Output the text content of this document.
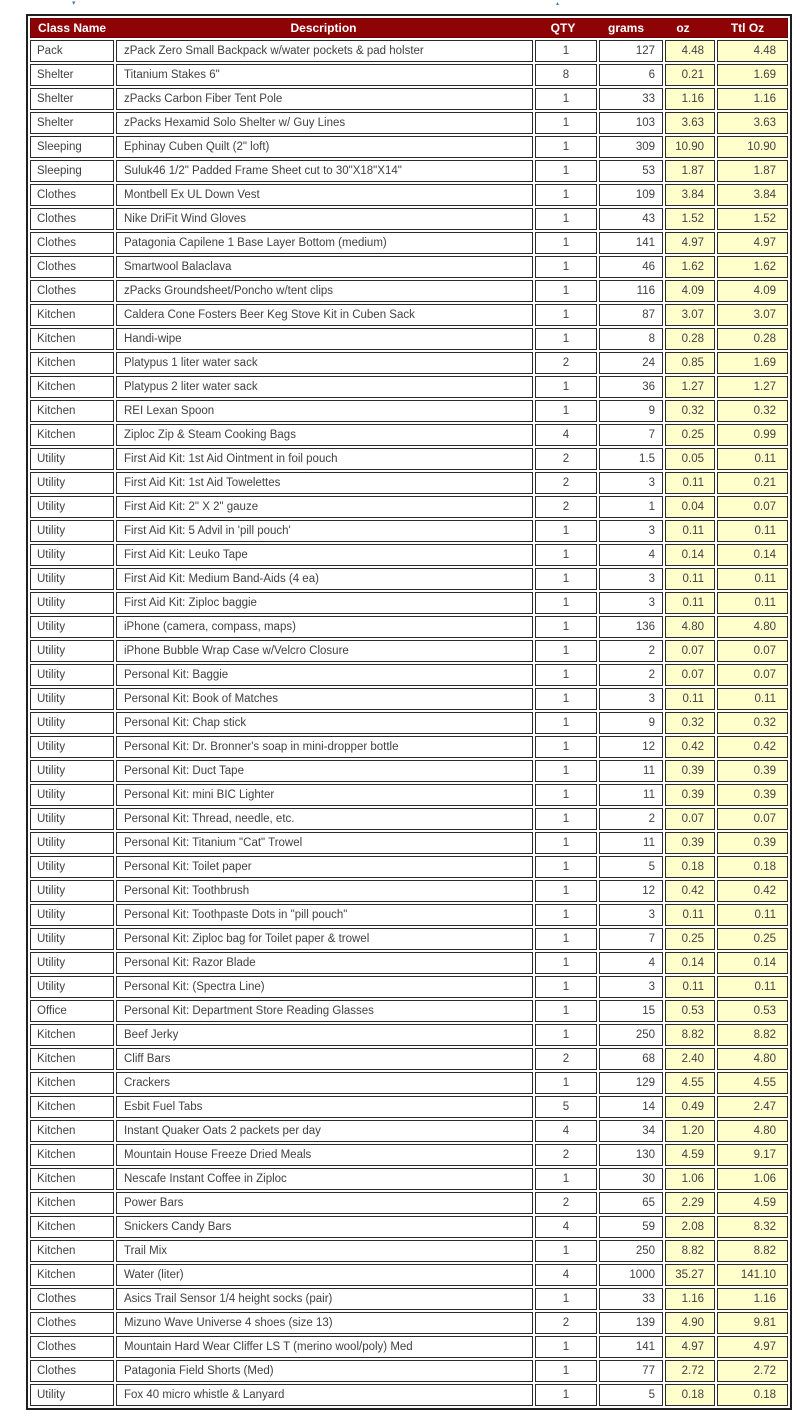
▾	▴
Class Name	Description	QTY	grams	oz	Ttl Oz
Pack	zPack Zero Small Backpack w/water pockets & pad holster	1	127	4.48	4.48
Shelter	Titanium Stakes 6"	8	6	0.21	1.69
Shelter	zPacks Carbon Fiber Tent Pole	1	33	1.16	1.16
Shelter	zPacks Hexamid Solo Shelter w/ Guy Lines	1	103	3.63	3.63
Sleeping	Ephinay Cuben Quilt (2" loft)	1	309	10.90	10.90
Sleeping	Suluk46 1/2" Padded Frame Sheet cut to 30"X18"X14"	1	53	1.87	1.87
Clothes	Montbell Ex UL Down Vest	1	109	3.84	3.84
Clothes	Nike DriFit Wind Gloves	1	43	1.52	1.52
Clothes	Patagonia Capilene 1 Base Layer Bottom (medium)	1	141	4.97	4.97
Clothes	Smartwool Balaclava	1	46	1.62	1.62
Clothes	zPacks Groundsheet/Poncho w/tent clips	1	116	4.09	4.09
Kitchen	Caldera Cone Fosters Beer Keg Stove Kit in Cuben Sack	1	87	3.07	3.07
Kitchen	Handi-wipe	1	8	0.28	0.28
Kitchen	Platypus 1 liter water sack	2	24	0.85	1.69
Kitchen	Platypus 2 liter water sack	1	36	1.27	1.27
Kitchen	REI Lexan Spoon	1	9	0.32	0.32
Kitchen	Ziploc Zip & Steam Cooking Bags	4	7	0.25	0.99
Utility	First Aid Kit: 1st Aid Ointment in foil pouch	2	1.5	0.05	0.11
Utility	First Aid Kit: 1st Aid Towelettes	2	3	0.11	0.21
Utility	First Aid Kit: 2" X 2" gauze	2	1	0.04	0.07
Utility	First Aid Kit: 5 Advil in 'pill pouch'	1	3	0.11	0.11
Utility	First Aid Kit: Leuko Tape	1	4	0.14	0.14
Utility	First Aid Kit: Medium Band-Aids (4 ea)	1	3	0.11	0.11
Utility	First Aid Kit: Ziploc baggie	1	3	0.11	0.11
Utility	iPhone (camera, compass, maps)	1	136	4.80	4.80
Utility	iPhone Bubble Wrap Case w/Velcro Closure	1	2	0.07	0.07
Utility	Personal Kit: Baggie	1	2	0.07	0.07
Utility	Personal Kit: Book of Matches	1	3	0.11	0.11
Utility	Personal Kit: Chap stick	1	9	0.32	0.32
Utility	Personal Kit: Dr. Bronner's soap in mini-dropper bottle	1	12	0.42	0.42
Utility	Personal Kit: Duct Tape	1	11	0.39	0.39
Utility	Personal Kit: mini BIC Lighter	1	11	0.39	0.39
Utility	Personal Kit: Thread, needle, etc.	1	2	0.07	0.07
Utility	Personal Kit: Titanium "Cat" Trowel	1	11	0.39	0.39
Utility	Personal Kit: Toilet paper	1	5	0.18	0.18
Utility	Personal Kit: Toothbrush	1	12	0.42	0.42
Utility	Personal Kit: Toothpaste Dots in "pill pouch"	1	3	0.11	0.11
Utility	Personal Kit: Ziploc bag for Toilet paper & trowel	1	7	0.25	0.25
Utility	Personal Kit: Razor Blade	1	4	0.14	0.14
Utility	Personal Kit: (Spectra Line)	1	3	0.11	0.11
Office	Personal Kit: Department Store Reading Glasses	1	15	0.53	0.53
Kitchen	Beef Jerky	1	250	8.82	8.82
Kitchen	Cliff Bars	2	68	2.40	4.80
Kitchen	Crackers	1	129	4.55	4.55
Kitchen	Esbit Fuel Tabs	5	14	0.49	2.47
Kitchen	Instant Quaker Oats 2 packets per day	4	34	1.20	4.80
Kitchen	Mountain House Freeze Dried Meals	2	130	4.59	9.17
Kitchen	Nescafe Instant Coffee in Ziploc	1	30	1.06	1.06
Kitchen	Power Bars	2	65	2.29	4.59
Kitchen	Snickers Candy Bars	4	59	2.08	8.32
Kitchen	Trail Mix	1	250	8.82	8.82
Kitchen	Water (liter)	4	1000	35.27	141.10
Clothes	Asics Trail Sensor 1/4 height socks (pair)	1	33	1.16	1.16
Clothes	Mizuno Wave Universe 4 shoes (size 13)	2	139	4.90	9.81
Clothes	Mountain Hard Wear Cliffer LS T (merino wool/poly) Med	1	141	4.97	4.97
Clothes	Patagonia Field Shorts (Med)	1	77	2.72	2.72
Utility	Fox 40 micro whistle & Lanyard	1	5	0.18	0.18
